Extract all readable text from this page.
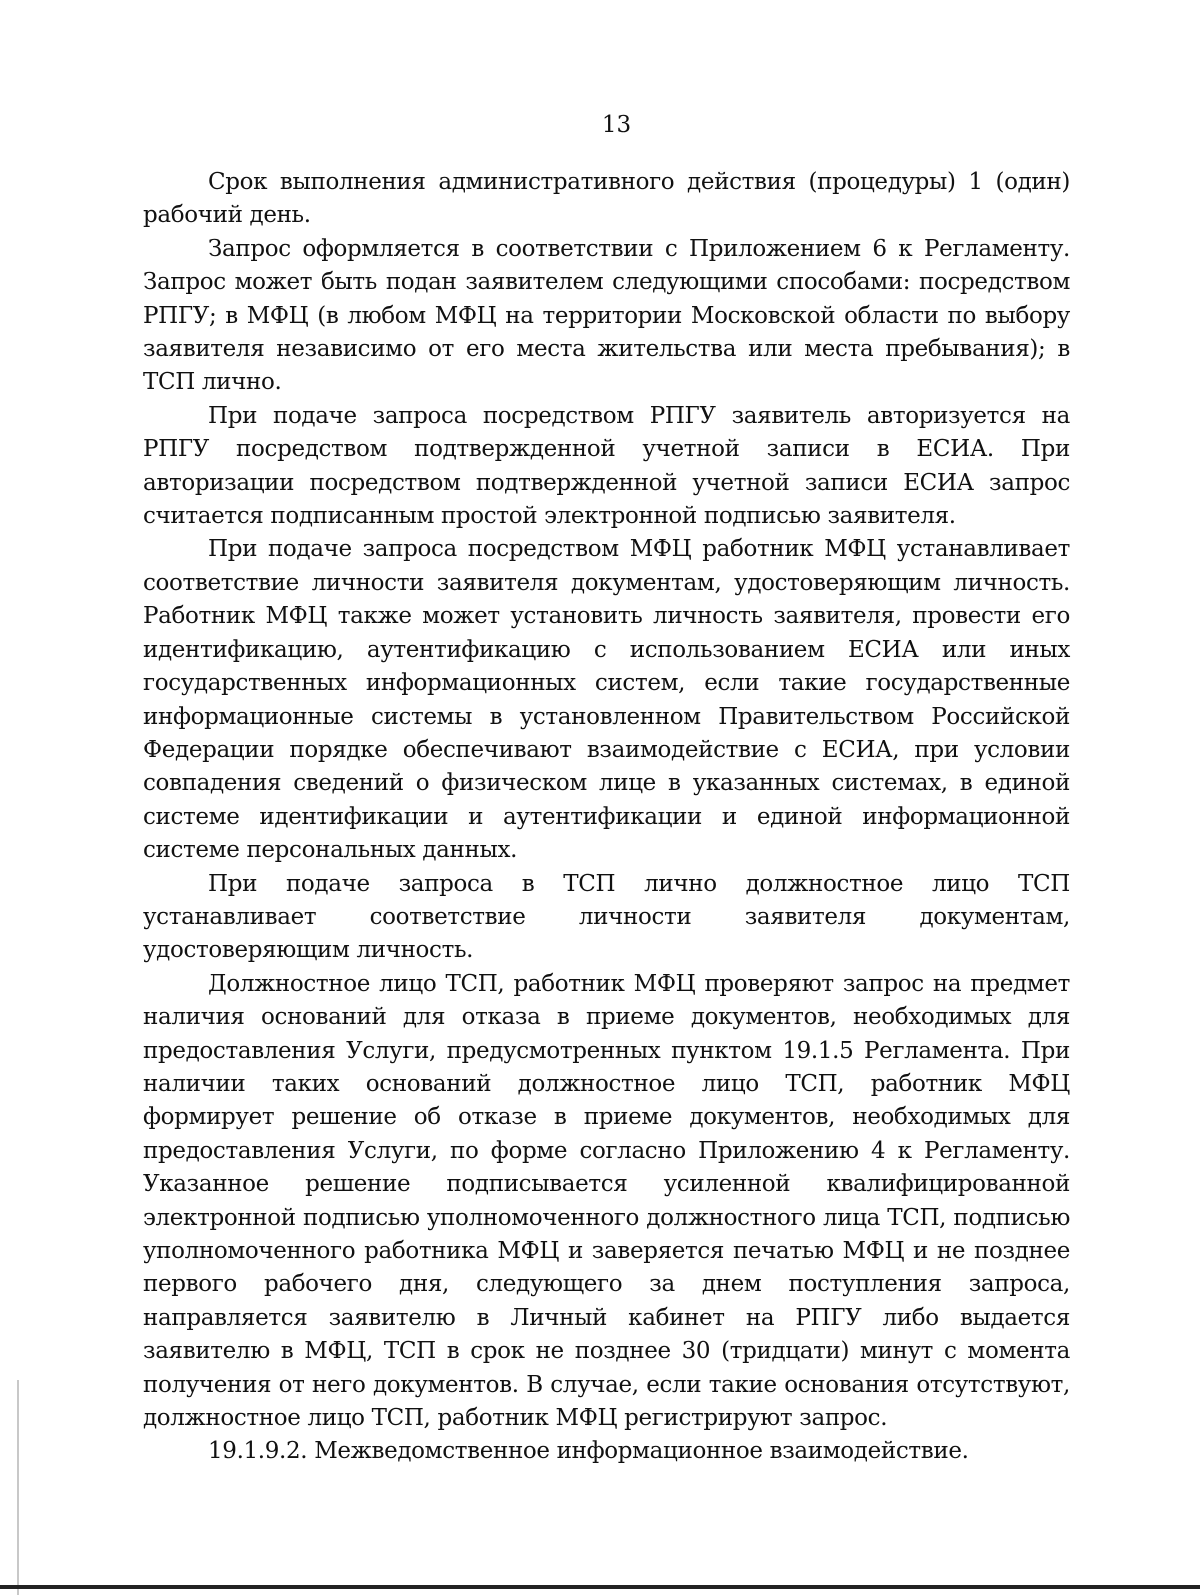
13

Срок выполнения административного действия (процедуры) 1 (один) рабочий день.

Запрос оформляется в соответствии с Приложением 6 к Регламенту. Запрос может быть подан заявителем следующими способами: посредством РПГУ; в МФЦ (в любом МФЦ на территории Московской области по выбору заявителя независимо от его места жительства или места пребывания); в ТСП лично.

При подаче запроса посредством РПГУ заявитель авторизуется на РПГУ посредством подтвержденной учетной записи в ЕСИА. При авторизации посредством подтвержденной учетной записи ЕСИА запрос считается подписанным простой электронной подписью заявителя.

При подаче запроса посредством МФЦ работник МФЦ устанавливает соответствие личности заявителя документам, удостоверяющим личность. Работник МФЦ также может установить личность заявителя, провести его идентификацию, аутентификацию с использованием ЕСИА или иных государственных информационных систем, если такие государственные информационные системы в установленном Правительством Российской Федерации порядке обеспечивают взаимодействие с ЕСИА, при условии совпадения сведений о физическом лице в указанных системах, в единой системе идентификации и аутентификации и единой информационной системе персональных данных.

При подаче запроса в ТСП лично должностное лицо ТСП устанавливает соответствие личности заявителя документам, удостоверяющим личность.

Должностное лицо ТСП, работник МФЦ проверяют запрос на предмет наличия оснований для отказа в приеме документов, необходимых для предоставления Услуги, предусмотренных пунктом 19.1.5 Регламента. При наличии таких оснований должностное лицо ТСП, работник МФЦ формирует решение об отказе в приеме документов, необходимых для предоставления Услуги, по форме согласно Приложению 4 к Регламенту. Указанное решение подписывается усиленной квалифицированной электронной подписью уполномоченного должностного лица ТСП, подписью уполномоченного работника МФЦ и заверяется печатью МФЦ и не позднее первого рабочего дня, следующего за днем поступления запроса, направляется заявителю в Личный кабинет на РПГУ либо выдается заявителю в МФЦ, ТСП в срок не позднее 30 (тридцати) минут с момента получения от него документов. В случае, если такие основания отсутствуют, должностное лицо ТСП, работник МФЦ регистрируют запрос.

19.1.9.2. Межведомственное информационное взаимодействие.
